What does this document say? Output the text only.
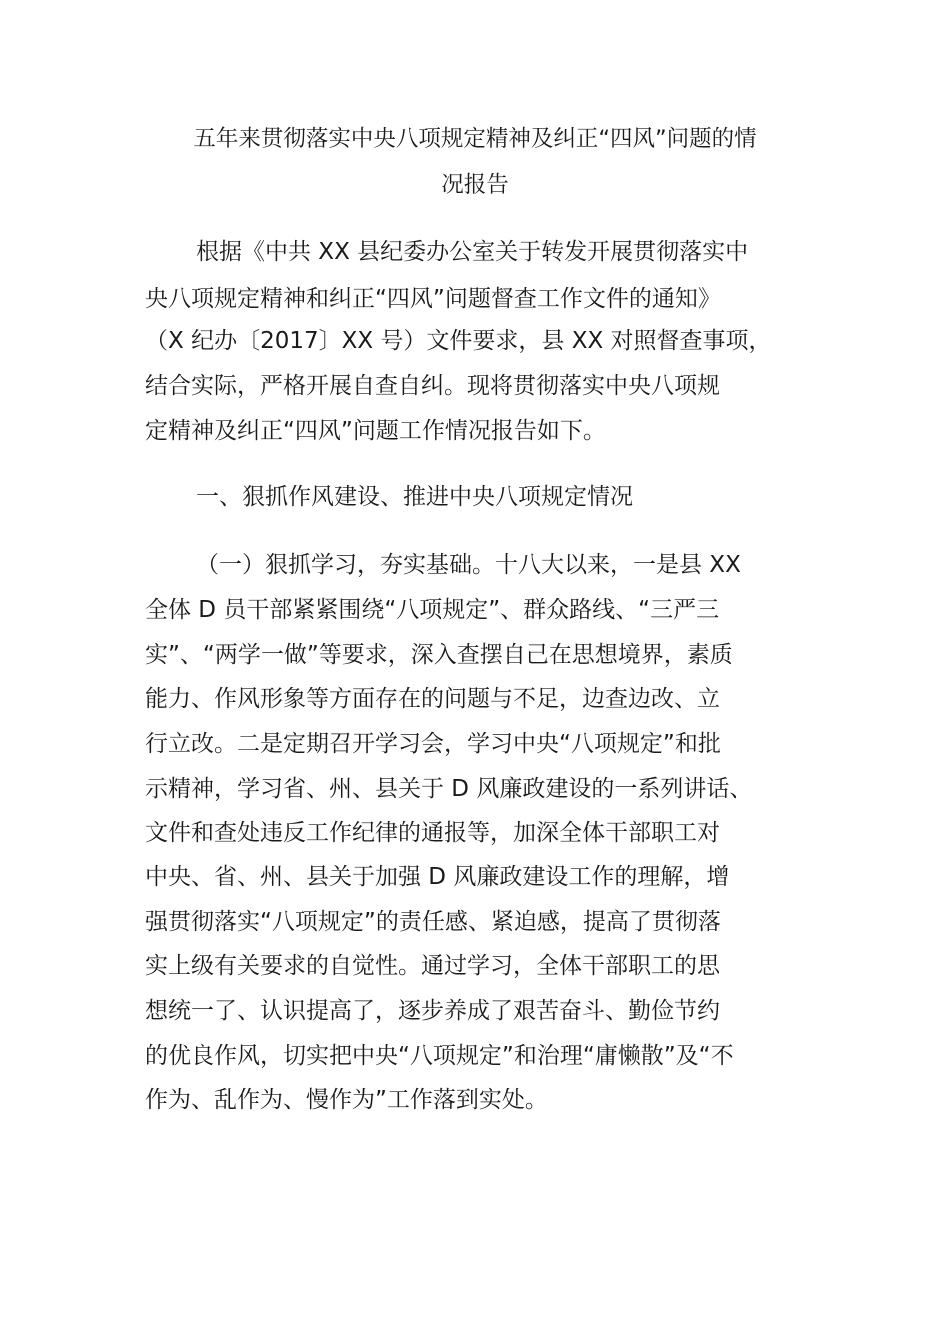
五年来贯彻落实中央八项规定精神及纠正“四风”问题的情
况报告
根据《中共 XX 县纪委办公室关于转发开展贯彻落实中
央八项规定精神和纠正“四风”问题督查工作文件的通知》
（X 纪办〔2017〕XX 号）文件要求，县 XX 对照督查事项，
结合实际，严格开展自查自纠。现将贯彻落实中央八项规
定精神及纠正“四风”问题工作情况报告如下。
一、狠抓作风建设、推进中央八项规定情况
（一）狠抓学习，夯实基础。十八大以来，一是县 XX
全体 D 员干部紧紧围绕“八项规定”、群众路线、“三严三
实”、“两学一做”等要求，深入查摆自己在思想境界，素质
能力、作风形象等方面存在的问题与不足，边查边改、立
行立改。二是定期召开学习会，学习中央“八项规定”和批
示精神，学习省、州、县关于 D 风廉政建设的一系列讲话、
文件和查处违反工作纪律的通报等，加深全体干部职工对
中央、省、州、县关于加强 D 风廉政建设工作的理解，增
强贯彻落实“八项规定”的责任感、紧迫感，提高了贯彻落
实上级有关要求的自觉性。通过学习，全体干部职工的思
想统一了、认识提高了，逐步养成了艰苦奋斗、勤俭节约
的优良作风，切实把中央“八项规定”和治理“庸懒散”及“不
作为、乱作为、慢作为”工作落到实处。
